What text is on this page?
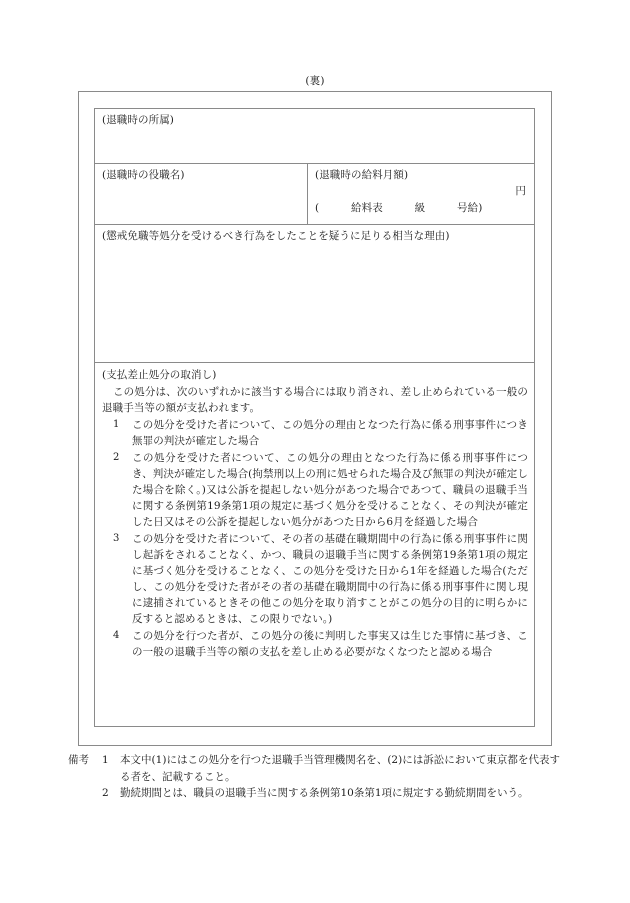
(裏)
(退職時の所属)
(退職時の役職名)	(退職時の給料月額)
円
(　　　給料表　　　級　　　号給)
(懲戒免職等処分を受けるべき行為をしたことを疑うに足りる相当な理由)
(支払差止処分の取消し)
この処分は、次のいずれかに該当する場合には取り消され、差し止められている一般の退職手当等の額が支払われます。
1	この処分を受けた者について、この処分の理由となつた行為に係る刑事事件につき無罪の判決が確定した場合
2	この処分を受けた者について、この処分の理由となつた行為に係る刑事事件につき、判決が確定した場合(拘禁刑以上の刑に処せられた場合及び無罪の判決が確定した場合を除く。)又は公訴を提起しない処分があつた場合であつて、職員の退職手当に関する条例第19条第1項の規定に基づく処分を受けることなく、その判決が確定した日又はその公訴を提起しない処分があつた日から6月を経過した場合
3	この処分を受けた者について、その者の基礎在職期間中の行為に係る刑事事件に関し起訴をされることなく、かつ、職員の退職手当に関する条例第19条第1項の規定に基づく処分を受けることなく、この処分を受けた日から1年を経過した場合(ただし、この処分を受けた者がその者の基礎在職期間中の行為に係る刑事事件に関し現に逮捕されているときその他この処分を取り消すことがこの処分の目的に明らかに反すると認めるときは、この限りでない。)
4	この処分を行つた者が、この処分の後に判明した事実又は生じた事情に基づき、この一般の退職手当等の額の支払を差し止める必要がなくなつたと認める場合
備考	1	本文中(1)にはこの処分を行つた退職手当管理機関名を、(2)には訴訟において東京都を代表する者を、記載すること。
2	勤続期間とは、職員の退職手当に関する条例第10条第1項に規定する勤続期間をいう。
